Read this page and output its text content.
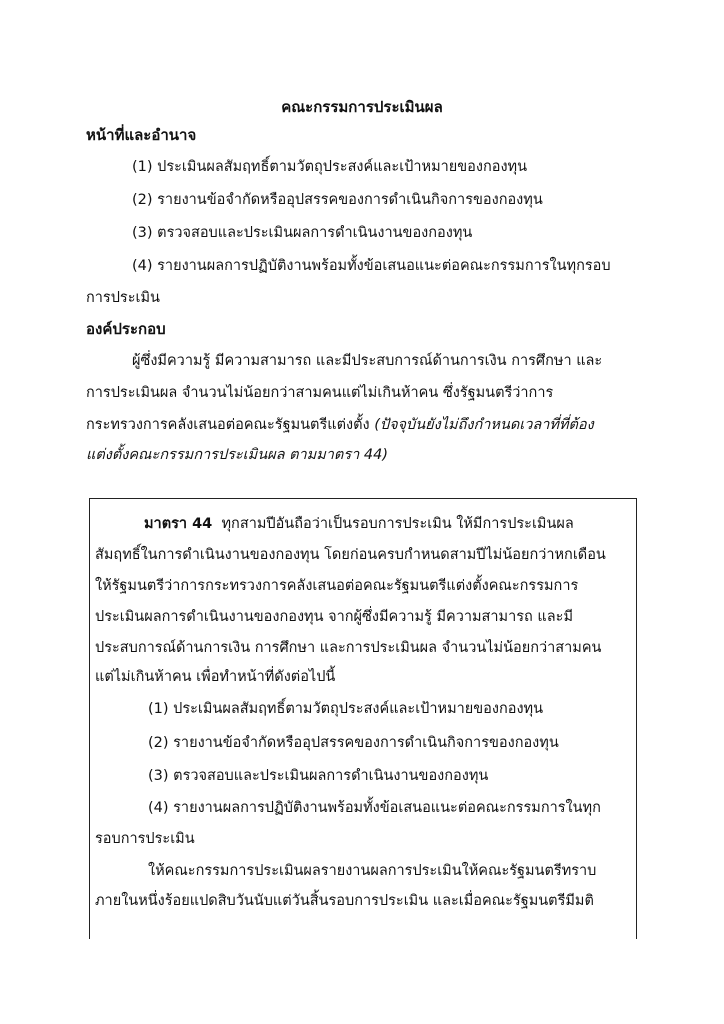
คณะกรรมการประเมินผล
หน้าที่และอำนาจ
(1) ประเมินผลสัมฤทธิ์ตามวัตถุประสงค์และเป้าหมายของกองทุน
(2) รายงานข้อจำกัดหรืออุปสรรคของการดำเนินกิจการของกองทุน
(3) ตรวจสอบและประเมินผลการดำเนินงานของกองทุน
(4) รายงานผลการปฏิบัติงานพร้อมทั้งข้อเสนอแนะต่อคณะกรรมการในทุกรอบ
การประเมิน
องค์ประกอบ
ผู้ซึ่งมีความรู้ มีความสามารถ และมีประสบการณ์ด้านการเงิน การศึกษา และ
การประเมินผล จำนวนไม่น้อยกว่าสามคนแต่ไม่เกินห้าคน ซึ่งรัฐมนตรีว่าการ
กระทรวงการคลังเสนอต่อคณะรัฐมนตรีแต่งตั้ง (ปัจจุบันยังไม่ถึงกำหนดเวลาที่ที่ต้อง
แต่งตั้งคณะกรรมการประเมินผล ตามมาตรา 44)
มาตรา 44 ทุกสามปีอันถือว่าเป็นรอบการประเมิน ให้มีการประเมินผล
สัมฤทธิ์ในการดำเนินงานของกองทุน โดยก่อนครบกำหนดสามปีไม่น้อยกว่าหกเดือน
ให้รัฐมนตรีว่าการกระทรวงการคลังเสนอต่อคณะรัฐมนตรีแต่งตั้งคณะกรรมการ
ประเมินผลการดำเนินงานของกองทุน จากผู้ซึ่งมีความรู้ มีความสามารถ และมี
ประสบการณ์ด้านการเงิน การศึกษา และการประเมินผล จำนวนไม่น้อยกว่าสามคน
แต่ไม่เกินห้าคน เพื่อทำหน้าที่ดังต่อไปนี้
(1) ประเมินผลสัมฤทธิ์ตามวัตถุประสงค์และเป้าหมายของกองทุน
(2) รายงานข้อจำกัดหรืออุปสรรคของการดำเนินกิจการของกองทุน
(3) ตรวจสอบและประเมินผลการดำเนินงานของกองทุน
(4) รายงานผลการปฏิบัติงานพร้อมทั้งข้อเสนอแนะต่อคณะกรรมการในทุก
รอบการประเมิน
ให้คณะกรรมการประเมินผลรายงานผลการประเมินให้คณะรัฐมนตรีทราบ
ภายในหนึ่งร้อยแปดสิบวันนับแต่วันสิ้นรอบการประเมิน และเมื่อคณะรัฐมนตรีมีมติ
